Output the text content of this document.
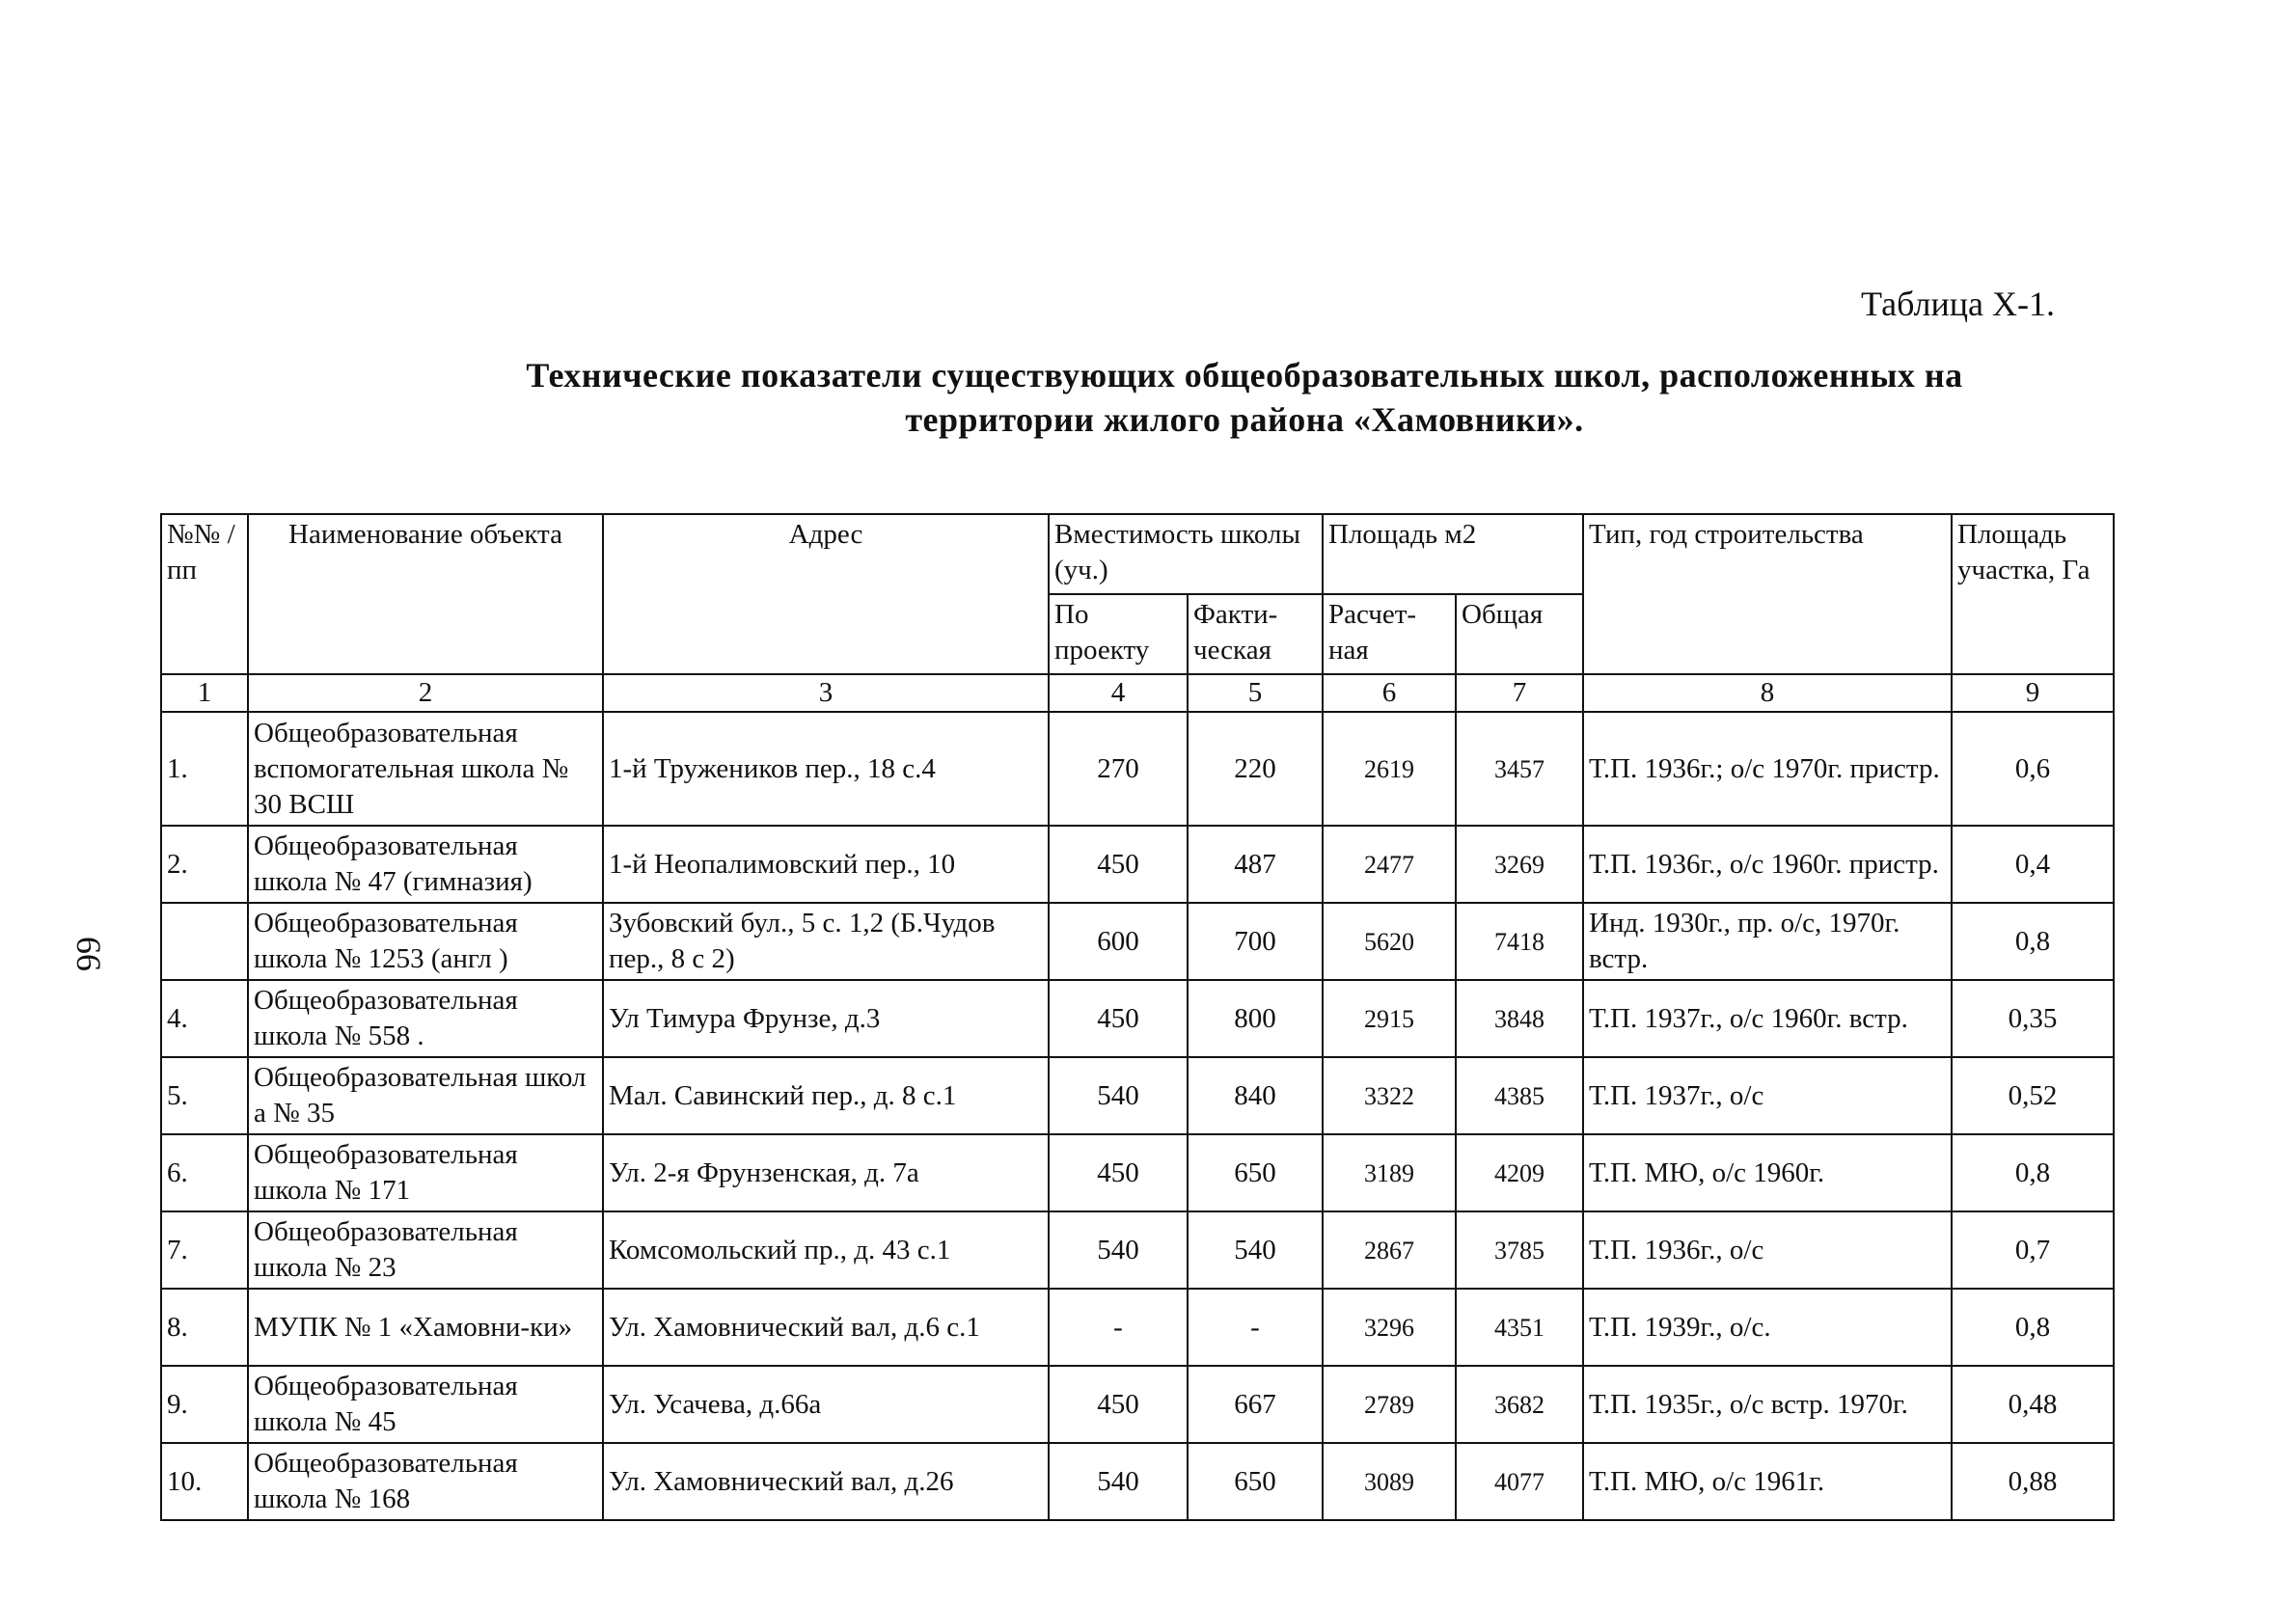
66
Таблица Х-1.
Технические показатели существующих общеобразовательных школ, расположенных на
территории жилого района «Хамовники».
№№ /пп	Наименование объекта	Адрес	Вместимость школы (уч.)		Площадь м2		Тип, год строительства	Площадь участка, Га
			По проекту	Факти-ческая	Расчет-ная	Общая		
1	2	3	4	5	6	7	8	9
1.	Общеобразовательная вспомогательная школа № 30 ВСШ	1-й Тружеников пер., 18 с.4	270	220	2619	3457	Т.П. 1936г.; о/с 1970г. пристр.	0,6
2.	Общеобразовательная школа № 47 (гимназия)	1-й Неопалимовский пер., 10	450	487	2477	3269	Т.П. 1936г., о/с 1960г. пристр.	0,4
	Общеобразовательная школа № 1253 (англ )	Зубовский бул., 5 с. 1,2 (Б.Чудов пер., 8 с 2)	600	700	5620	7418	Инд. 1930г., пр. о/с, 1970г. встр.	0,8
4.	Общеобразовательная школа № 558 .	Ул Тимура Фрунзе, д.3	450	800	2915	3848	Т.П. 1937г., о/с 1960г. встр.	0,35
5.	Общеобразовательная школ а № 35	Мал. Савинский пер., д. 8 с.1	540	840	3322	4385	Т.П. 1937г., о/с	0,52
6.	Общеобразовательная школа № 171	Ул. 2-я Фрунзенская, д. 7а	450	650	3189	4209	Т.П. МЮ, о/с 1960г.	0,8
7.	Общеобразовательная школа № 23	Комсомольский пр., д. 43 с.1	540	540	2867	3785	Т.П. 1936г., о/с	0,7
8.	МУПК № 1 «Хамовни-ки»	Ул. Хамовнический вал, д.6 с.1	-	-	3296	4351	Т.П. 1939г., о/с.	0,8
9.	Общеобразовательная школа № 45	Ул. Усачева, д.66а	450	667	2789	3682	Т.П. 1935г., о/с встр. 1970г.	0,48
10.	Общеобразовательная школа № 168	Ул. Хамовнический вал, д.26	540	650	3089	4077	Т.П. МЮ, о/с 1961г.	0,88
